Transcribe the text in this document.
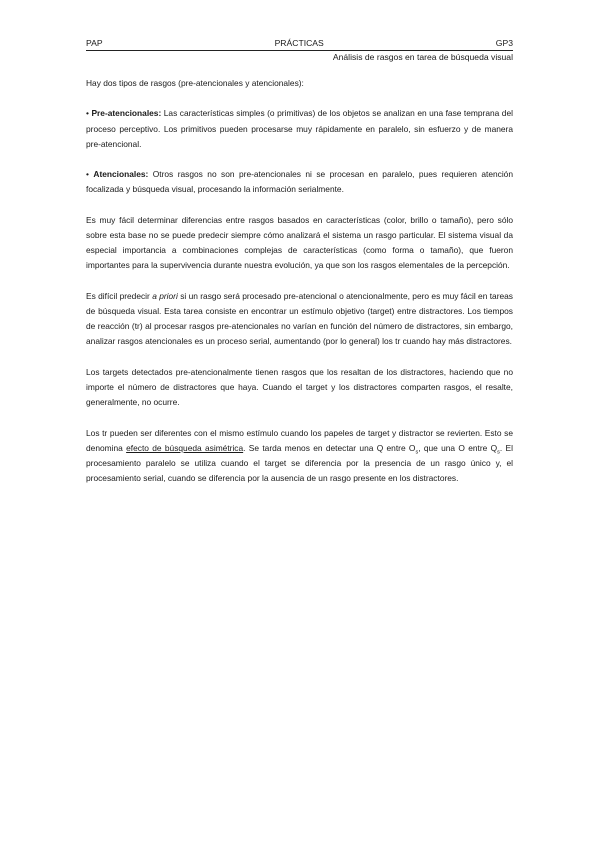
PAP	PRÁCTICAS	GP3
Análisis de rasgos en tarea de búsqueda visual

Hay dos tipos de rasgos (pre-atencionales y atencionales):

• Pre-atencionales: Las características simples (o primitivas) de los objetos se analizan en una fase temprana del proceso perceptivo. Los primitivos pueden procesarse muy rápidamente en paralelo, sin esfuerzo y de manera pre-atencional.

• Atencionales: Otros rasgos no son pre-atencionales ni se procesan en paralelo, pues requieren atención focalizada y búsqueda visual, procesando la información serialmente.

Es muy fácil determinar diferencias entre rasgos basados en características (color, brillo o tamaño), pero sólo sobre esta base no se puede predecir siempre cómo analizará el sistema un rasgo particular. El sistema visual da especial importancia a combinaciones complejas de características (como forma o tamaño), que fueron importantes para la supervivencia durante nuestra evolución, ya que son los rasgos elementales de la percepción.

Es difícil predecir a priori si un rasgo será procesado pre-atencional o atencionalmente, pero es muy fácil en tareas de búsqueda visual. Esta tarea consiste en encontrar un estímulo objetivo (target) entre distractores. Los tiempos de reacción (tr) al procesar rasgos pre-atencionales no varían en función del número de distractores, sin embargo, analizar rasgos atencionales es un proceso serial, aumentando (por lo general) los tr cuando hay más distractores.

Los targets detectados pre-atencionalmente tienen rasgos que los resaltan de los distractores, haciendo que no importe el número de distractores que haya. Cuando el target y los distractores comparten rasgos, el resalte, generalmente, no ocurre.

Los tr pueden ser diferentes con el mismo estímulo cuando los papeles de target y distractor se revierten. Esto se denomina efecto de búsqueda asimétrica. Se tarda menos en detectar una Q entre $O_s$, que una O entre $Q_s$. El procesamiento paralelo se utiliza cuando el target se diferencia por la presencia de un rasgo único y, el procesamiento serial, cuando se diferencia por la ausencia de un rasgo presente en los distractores.
